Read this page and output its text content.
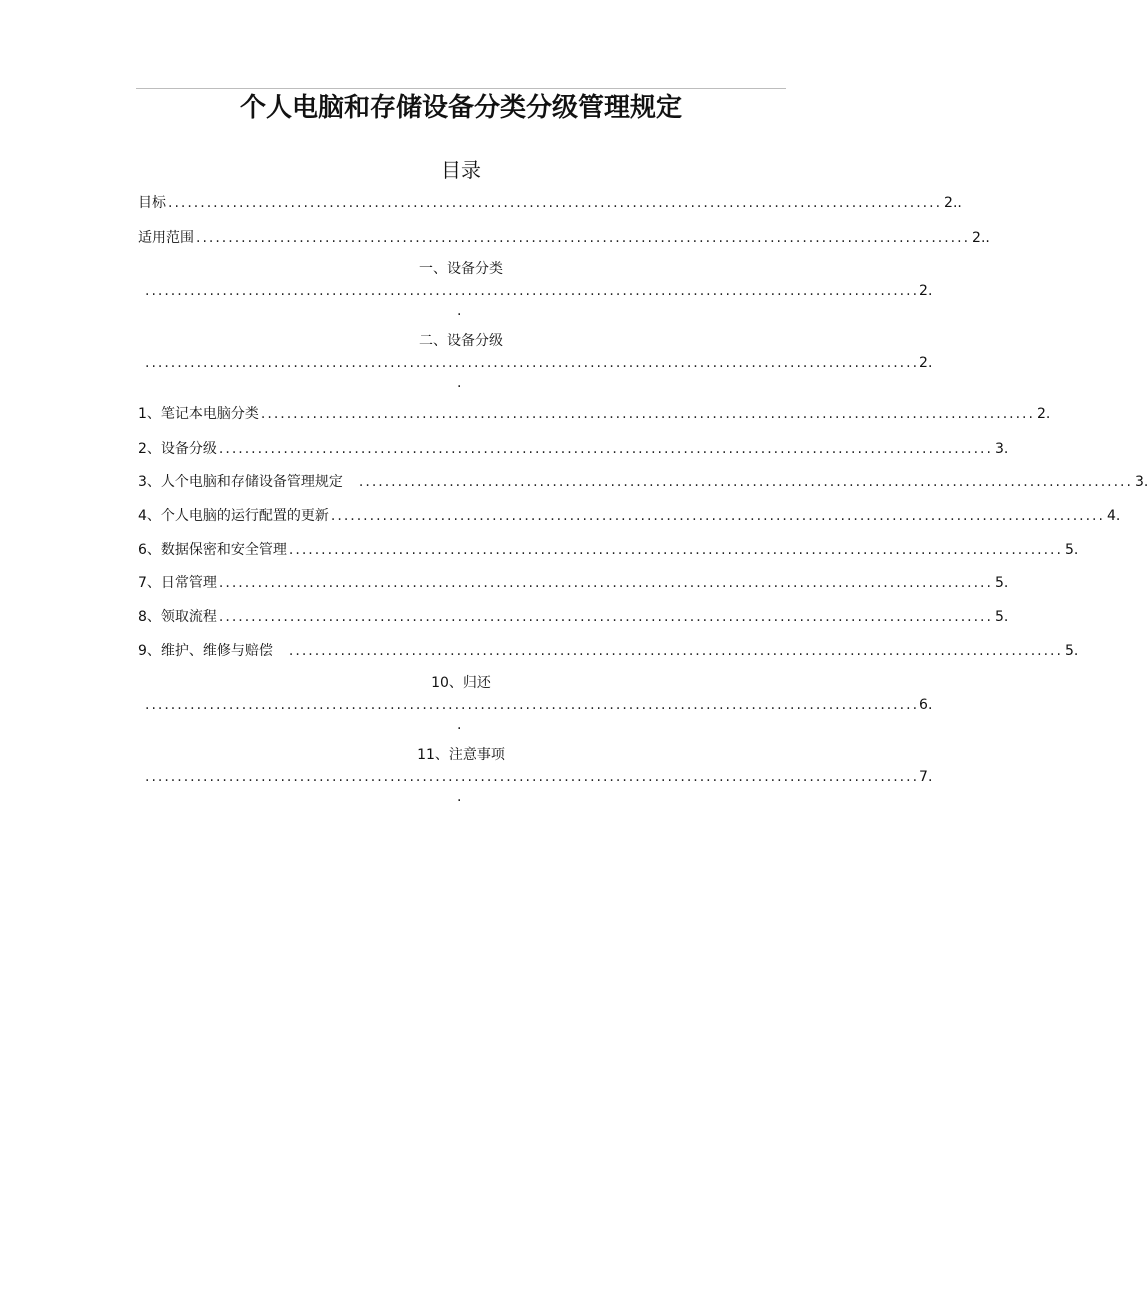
个人电脑和存储设备分类分级管理规定
目录
目标 ........................................................................................................................ 2..
适用范围 ........................................................................................................................ 2..
一、设备分类
........................................................................................................................ 2.
.
二、设备分级
........................................................................................................................ 2.
.
1、笔记本电脑分类 ........................................................................................................................ 2.
2、设备分级 ........................................................................................................................ 3.
3、人个电脑和存储设备管理规定 ........................................................................................................................ 3.
4、个人电脑的运行配置的更新 ........................................................................................................................ 4.
6、数据保密和安全管理 ........................................................................................................................ 5.
7、日常管理 ........................................................................................................................ 5.
8、领取流程 ........................................................................................................................ 5.
9、维护、维修与赔偿 ........................................................................................................................ 5.
10、归还
........................................................................................................................ 6.
.
11、注意事项
........................................................................................................................ 7.
.
